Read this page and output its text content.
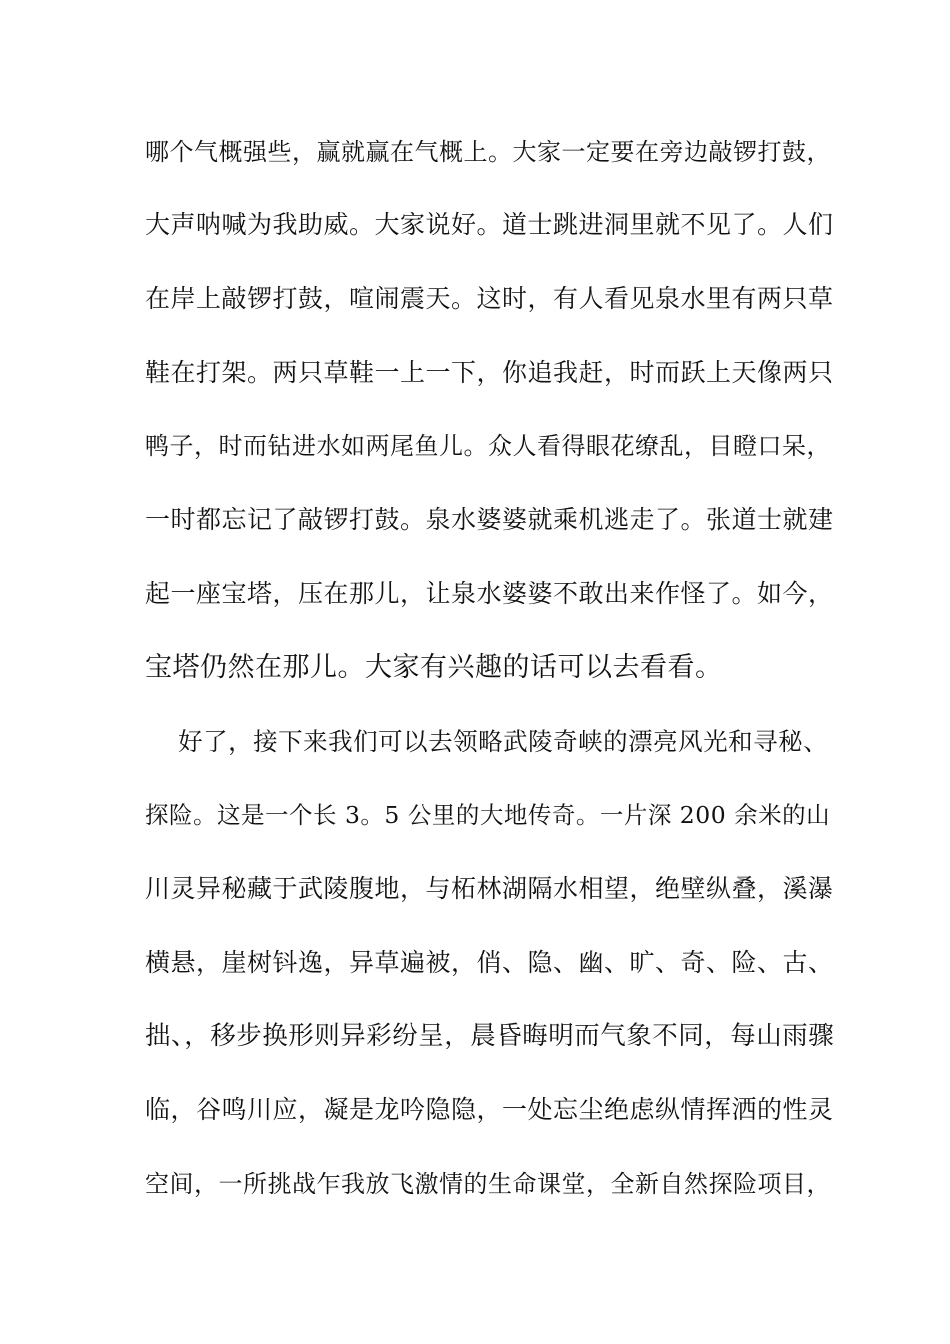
哪个气概强些，赢就赢在气概上。大家一定要在旁边敲锣打鼓，
大声呐喊为我助威。大家说好。道士跳进洞里就不见了。人们
在岸上敲锣打鼓，喧闹震天。这时，有人看见泉水里有两只草
鞋在打架。两只草鞋一上一下，你追我赶，时而跃上天像两只
鸭子，时而钻进水如两尾鱼儿。众人看得眼花缭乱，目瞪口呆，
一时都忘记了敲锣打鼓。泉水婆婆就乘机逃走了。张道士就建
起一座宝塔，压在那儿，让泉水婆婆不敢出来作怪了。如今，
宝塔仍然在那儿。大家有兴趣的话可以去看看。
好了，接下来我们可以去领略武陵奇峡的漂亮风光和寻秘、
探险。这是一个长 3。5 公里的大地传奇。一片深 200 余米的山
川灵异秘藏于武陵腹地，与柘林湖隔水相望，绝壁纵叠，溪瀑
横悬，崖树钭逸，异草遍被，俏、隐、幽、旷、奇、险、古、
拙、，移步换形则异彩纷呈，晨昏晦明而气象不同，每山雨骤
临，谷鸣川应，凝是龙吟隐隐，一处忘尘绝虑纵情挥洒的性灵
空间，一所挑战乍我放飞激情的生命课堂，全新自然探险项目，
